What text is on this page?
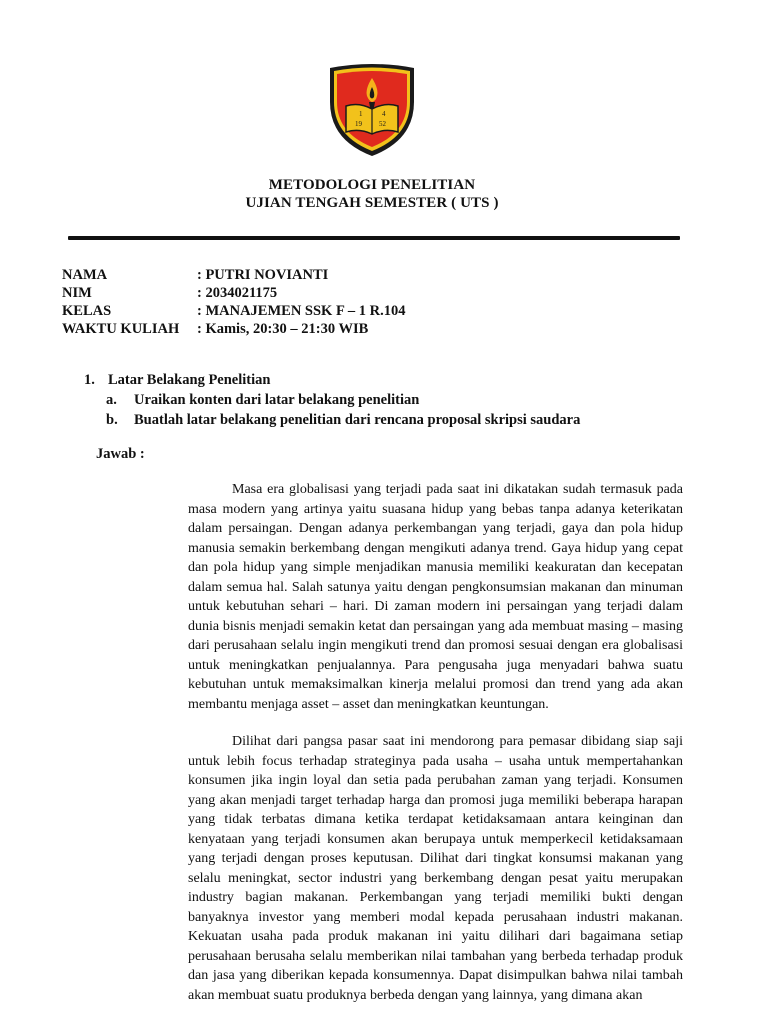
1	4
19 52
METODOLOGI PENELITIAN
UJIAN TENGAH SEMESTER ( UTS )
NAMA	: PUTRI NOVIANTI
NIM	: 2034021175
KELAS	: MANAJEMEN SSK F – 1 R.104
WAKTU KULIAH	: Kamis, 20:30 – 21:30 WIB
1. Latar Belakang Penelitian
a.	Uraikan konten dari latar belakang penelitian
b.	Buatlah latar belakang penelitian dari rencana proposal skripsi saudara
Jawab :

Masa era globalisasi yang terjadi pada saat ini dikatakan sudah termasuk pada masa modern yang artinya yaitu suasana hidup yang bebas tanpa adanya keterikatan dalam persaingan. Dengan adanya perkembangan yang terjadi, gaya dan pola hidup manusia semakin berkembang dengan mengikuti adanya trend. Gaya hidup yang cepat dan pola hidup yang simple menjadikan manusia memiliki keakuratan dan kecepatan dalam semua hal. Salah satunya yaitu dengan pengkonsumsian makanan dan minuman untuk kebutuhan sehari – hari. Di zaman modern ini persaingan yang terjadi dalam dunia bisnis menjadi semakin ketat dan persaingan yang ada membuat masing – masing dari perusahaan selalu ingin mengikuti trend dan promosi sesuai dengan era globalisasi untuk meningkatkan penjualannya. Para pengusaha juga menyadari bahwa suatu kebutuhan untuk memaksimalkan kinerja melalui promosi dan trend yang ada akan membantu menjaga asset – asset dan meningkatkan keuntungan.

Dilihat dari pangsa pasar saat ini mendorong para pemasar dibidang siap saji untuk lebih focus terhadap strateginya pada usaha – usaha untuk mempertahankan konsumen jika ingin loyal dan setia pada perubahan zaman yang terjadi. Konsumen yang akan menjadi target terhadap harga dan promosi juga memiliki beberapa harapan yang tidak terbatas dimana ketika terdapat ketidaksamaan antara keinginan dan kenyataan yang terjadi konsumen akan berupaya untuk memperkecil ketidaksamaan yang terjadi dengan proses keputusan. Dilihat dari tingkat konsumsi makanan yang selalu meningkat, sector industri yang berkembang dengan pesat yaitu merupakan industry bagian makanan. Perkembangan yang terjadi memiliki bukti dengan banyaknya investor yang memberi modal kepada perusahaan industri makanan. Kekuatan usaha pada produk makanan ini yaitu dilihari dari bagaimana setiap perusahaan berusaha selalu memberikan nilai tambahan yang berbeda terhadap produk dan jasa yang diberikan kepada konsumennya. Dapat disimpulkan bahwa nilai tambah akan membuat suatu produknya berbeda dengan yang lainnya, yang dimana akan
